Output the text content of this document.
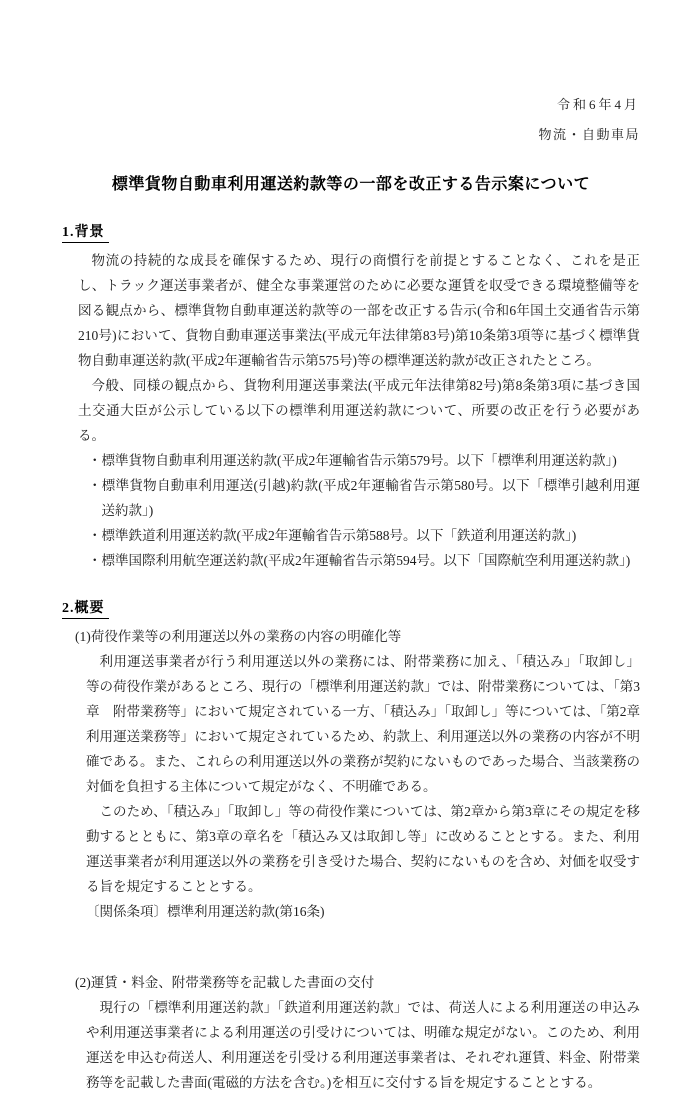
令和6年4月
物流・自動車局
標準貨物自動車利用運送約款等の一部を改正する告示案について
1.背景

物流の持続的な成長を確保するため、現行の商慣行を前提とすることなく、これを是正し、トラック運送事業者が、健全な事業運営のために必要な運賃を収受できる環境整備等を図る観点から、標準貨物自動車運送約款等の一部を改正する告示(令和6年国土交通省告示第210号)において、貨物自動車運送事業法(平成元年法律第83号)第10条第3項等に基づく標準貨物自動車運送約款(平成2年運輸省告示第575号)等の標準運送約款が改正されたところ。

今般、同様の観点から、貨物利用運送事業法(平成元年法律第82号)第8条第3項に基づき国土交通大臣が公示している以下の標準利用運送約款について、所要の改正を行う必要がある。

・標準貨物自動車利用運送約款(平成2年運輸省告示第579号。以下「標準利用運送約款」)
・標準貨物自動車利用運送(引越)約款(平成2年運輸省告示第580号。以下「標準引越利用運送約款」)
・標準鉄道利用運送約款(平成2年運輸省告示第588号。以下「鉄道利用運送約款」)
・標準国際利用航空運送約款(平成2年運輸省告示第594号。以下「国際航空利用運送約款」)
2.概要

(1)荷役作業等の利用運送以外の業務の内容の明確化等

利用運送事業者が行う利用運送以外の業務には、附帯業務に加え、「積込み」「取卸し」等の荷役作業があるところ、現行の「標準利用運送約款」では、附帯業務については、「第3章　附帯業務等」において規定されている一方、「積込み」「取卸し」等については、「第2章　利用運送業務等」において規定されているため、約款上、利用運送以外の業務の内容が不明確である。また、これらの利用運送以外の業務が契約にないものであった場合、当該業務の対価を負担する主体について規定がなく、不明確である。

このため、「積込み」「取卸し」等の荷役作業については、第2章から第3章にその規定を移動するとともに、第3章の章名を「積込み又は取卸し等」に改めることとする。また、利用運送事業者が利用運送以外の業務を引き受けた場合、契約にないものを含め、対価を収受する旨を規定することとする。

〔関係条項〕標準利用運送約款(第16条)

(2)運賃・料金、附帯業務等を記載した書面の交付

現行の「標準利用運送約款」「鉄道利用運送約款」では、荷送人による利用運送の申込みや利用運送事業者による利用運送の引受けについては、明確な規定がない。このため、利用運送を申込む荷送人、利用運送を引受ける利用運送事業者は、それぞれ運賃、料金、附帯業務等を記載した書面(電磁的方法を含む。)を相互に交付する旨を規定することとする。
